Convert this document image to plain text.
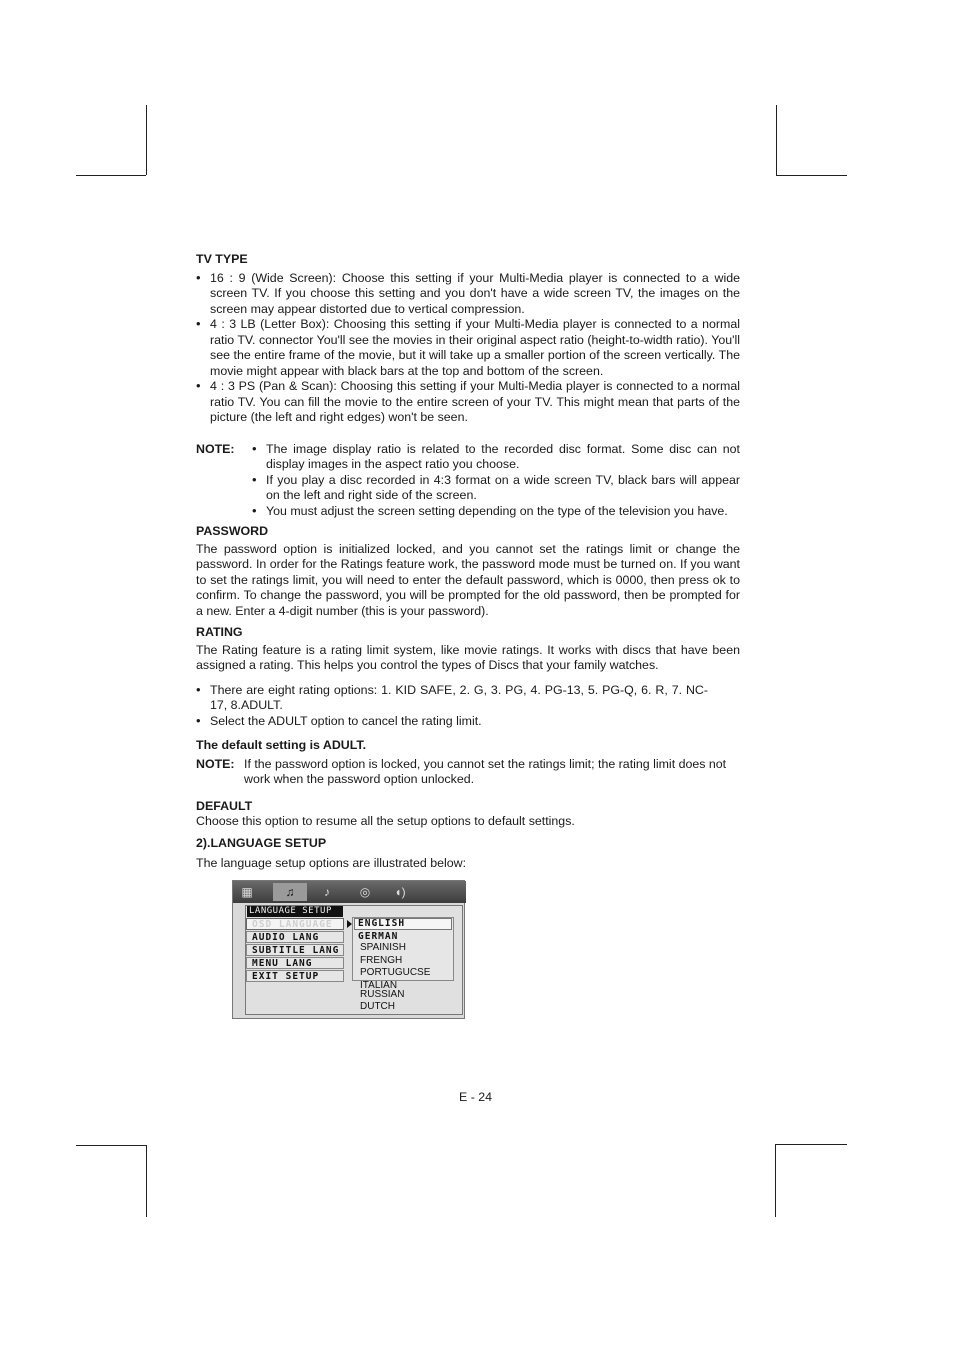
TV TYPE

• 16 : 9 (Wide Screen): Choose this setting if your Multi-Media player is connected to a wide screen TV. If you choose this setting and you don't have a wide screen TV, the images on the screen may appear distorted due to vertical compression.
• 4 : 3 LB (Letter Box): Choosing this setting if your Multi-Media player is connected to a normal ratio TV. connector You'll see the movies in their original aspect ratio (height-to-width ratio). You'll see the entire frame of the movie, but it will take up a smaller portion of the screen vertically. The movie might appear with black bars at the top and bottom of the screen.
• 4 : 3 PS (Pan & Scan): Choosing this setting if your Multi-Media player is connected to a normal ratio TV. You can fill the movie to the entire screen of your TV. This might mean that parts of the picture (the left and right edges) won't be seen.
NOTE:
•	The image display ratio is related to the recorded disc format. Some disc can not display images in the aspect ratio you choose.
• If you play a disc recorded in 4:3 format on a wide screen TV, black bars will appear on the left and right side of the screen.
• You must adjust the screen setting depending on the type of the television you have.

PASSWORD

The password option is initialized locked, and you cannot set the ratings limit or change the password. In order for the Ratings feature work, the password mode must be turned on. If you want to set the ratings limit, you will need to enter the default password, which is 0000, then press ok to confirm. To change the password, you will be prompted for the old password, then be prompted for a new. Enter a 4-digit number (this is your password).

RATING

The Rating feature is a rating limit system, like movie ratings. It works with discs that have been assigned a rating. This helps you control the types of Discs that your family watches.

• There are eight rating options: 1. KID SAFE, 2. G, 3. PG, 4. PG-13, 5. PG-Q, 6. R, 7. NC-17, 8.ADULT.
• Select the ADULT option to cancel the rating limit.

The default setting is ADULT.

NOTE: If the password option is locked, you cannot set the ratings limit; the rating limit does not work when the password option unlocked.

DEFAULT

Choose this option to resume all the setup options to default settings.

2).LANGUAGE SETUP

The language setup options are illustrated below:

▦	♫	♪	◎	◖)
LANGUAGE SETUP
OSD LANGUAGE
AUDIO LANG
SUBTITLE LANG
MENU LANG
EXIT SETUP
ENGLISH
GERMAN
SPAINISH
FRENGH
PORTUGUCSE
ITALIAN
RUSSIAN
DUTCH
E - 24
